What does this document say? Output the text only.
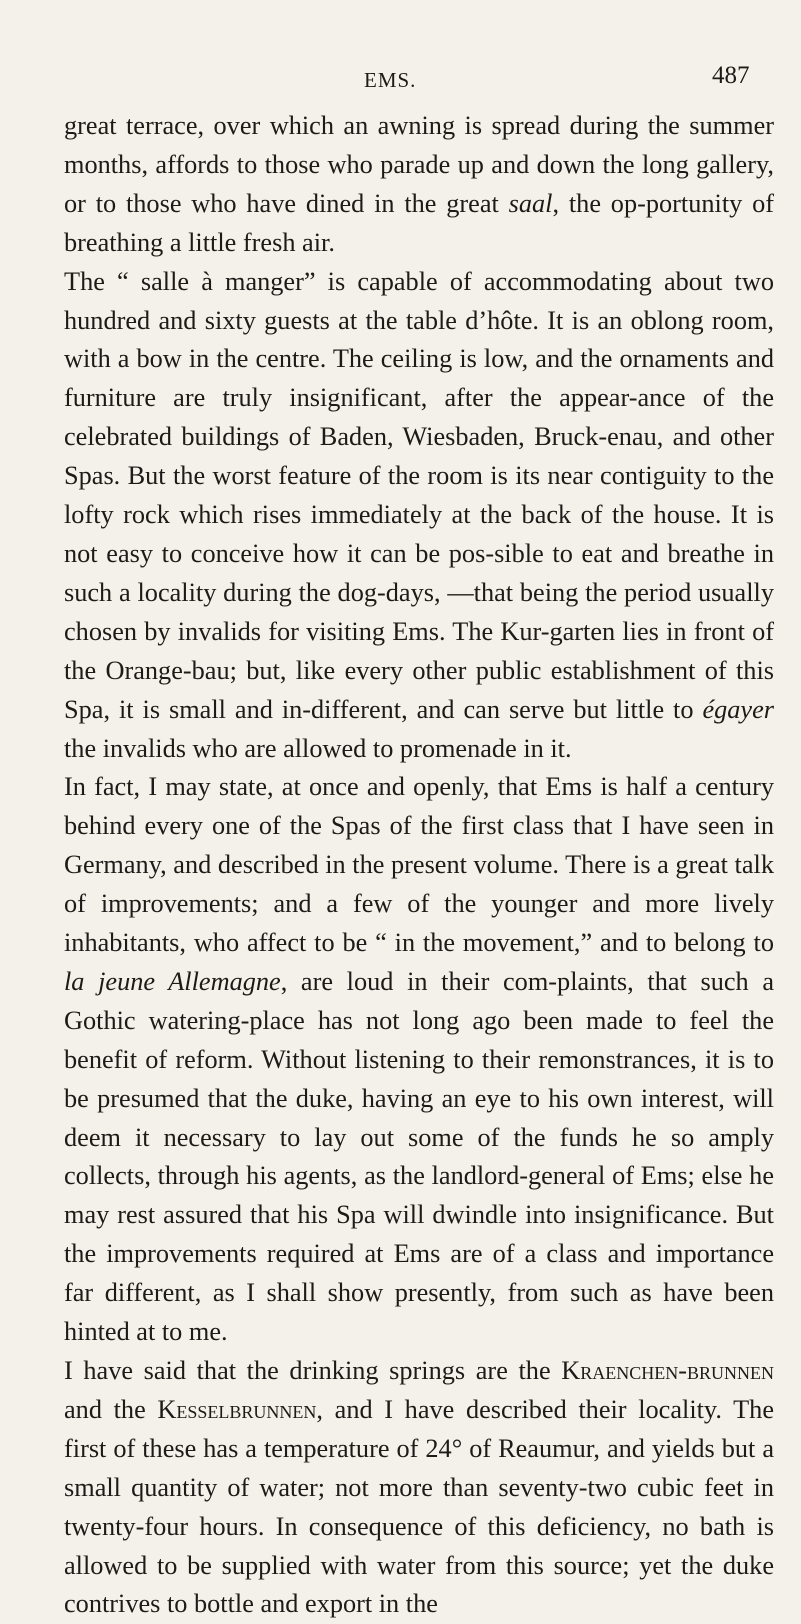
EMS.	487

great terrace, over which an awning is spread during the summer months, affords to those who parade up and down the long gallery, or to those who have dined in the great saal, the op-portunity of breathing a little fresh air.

The “ salle à manger” is capable of accommodating about two hundred and sixty guests at the table d’hôte. It is an oblong room, with a bow in the centre. The ceiling is low, and the ornaments and furniture are truly insignificant, after the appear-ance of the celebrated buildings of Baden, Wiesbaden, Bruck-enau, and other Spas. But the worst feature of the room is its near contiguity to the lofty rock which rises immediately at the back of the house. It is not easy to conceive how it can be pos-sible to eat and breathe in such a locality during the dog-days, —that being the period usually chosen by invalids for visiting Ems. The Kur-garten lies in front of the Orange-bau; but, like every other public establishment of this Spa, it is small and in-different, and can serve but little to égayer the invalids who are allowed to promenade in it.

In fact, I may state, at once and openly, that Ems is half a century behind every one of the Spas of the first class that I have seen in Germany, and described in the present volume. There is a great talk of improvements; and a few of the younger and more lively inhabitants, who affect to be “ in the movement,” and to belong to la jeune Allemagne, are loud in their com-plaints, that such a Gothic watering-place has not long ago been made to feel the benefit of reform. Without listening to their remonstrances, it is to be presumed that the duke, having an eye to his own interest, will deem it necessary to lay out some of the funds he so amply collects, through his agents, as the landlord-general of Ems; else he may rest assured that his Spa will dwindle into insignificance. But the improvements required at Ems are of a class and importance far different, as I shall show presently, from such as have been hinted at to me.

I have said that the drinking springs are the Kraenchen-brunnen and the Kesselbrunnen, and I have described their locality. The first of these has a temperature of 24° of Reaumur, and yields but a small quantity of water; not more than seventy-two cubic feet in twenty-four hours. In consequence of this deficiency, no bath is allowed to be supplied with water from this source; yet the duke contrives to bottle and export in the
